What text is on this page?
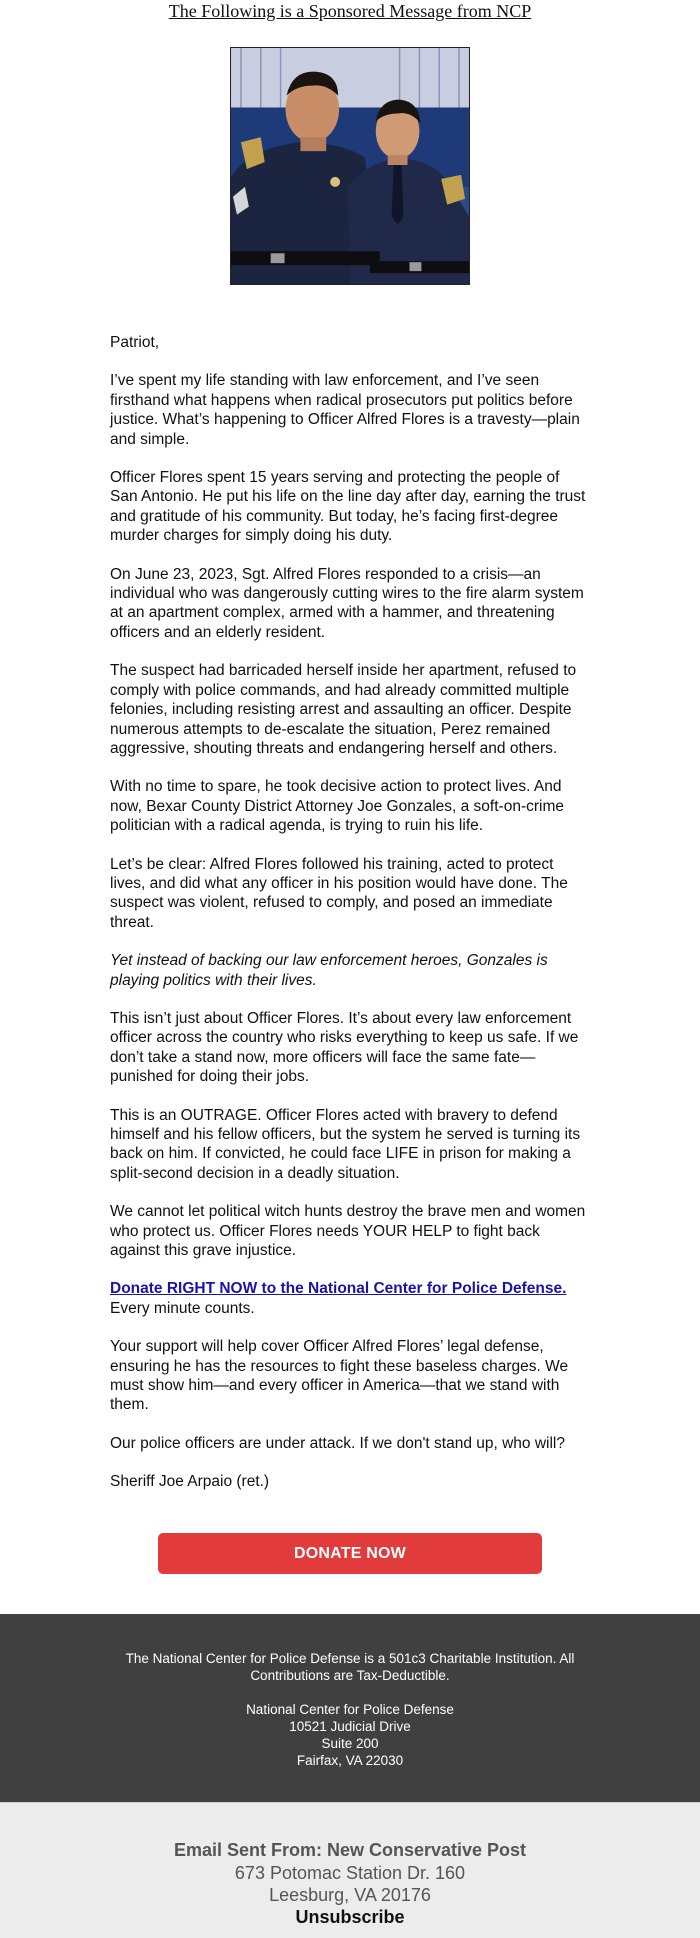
The Following is a Sponsored Message from NCP

Patriot,

I’ve spent my life standing with law enforcement, and I’ve seen firsthand what happens when radical prosecutors put politics before justice. What’s happening to Officer Alfred Flores is a travesty—plain and simple.

Officer Flores spent 15 years serving and protecting the people of San Antonio. He put his life on the line day after day, earning the trust and gratitude of his community. But today, he’s facing first-degree murder charges for simply doing his duty.

On June 23, 2023, Sgt. Alfred Flores responded to a crisis—an individual who was dangerously cutting wires to the fire alarm system at an apartment complex, armed with a hammer, and threatening officers and an elderly resident.

The suspect had barricaded herself inside her apartment, refused to comply with police commands, and had already committed multiple felonies, including resisting arrest and assaulting an officer. Despite numerous attempts to de-escalate the situation, Perez remained aggressive, shouting threats and endangering herself and others.

With no time to spare, he took decisive action to protect lives. And now, Bexar County District Attorney Joe Gonzales, a soft-on-crime politician with a radical agenda, is trying to ruin his life.

Let’s be clear: Alfred Flores followed his training, acted to protect lives, and did what any officer in his position would have done. The suspect was violent, refused to comply, and posed an immediate threat.

Yet instead of backing our law enforcement heroes, Gonzales is playing politics with their lives.

This isn’t just about Officer Flores. It’s about every law enforcement officer across the country who risks everything to keep us safe. If we don’t take a stand now, more officers will face the same fate—punished for doing their jobs.

This is an OUTRAGE. Officer Flores acted with bravery to defend himself and his fellow officers, but the system he served is turning its back on him. If convicted, he could face LIFE in prison for making a split-second decision in a deadly situation.

We cannot let political witch hunts destroy the brave men and women who protect us. Officer Flores needs YOUR HELP to fight back against this grave injustice.

Donate RIGHT NOW to the National Center for Police Defense.
Every minute counts.

Your support will help cover Officer Alfred Flores’ legal defense, ensuring he has the resources to fight these baseless charges. We must show him—and every officer in America—that we stand with them.

Our police officers are under attack. If we don't stand up, who will?

Sheriff Joe Arpaio (ret.)

DONATE NOW
The National Center for Police Defense is a 501c3 Charitable Institution. All Contributions are Tax-Deductible.
National Center for Police Defense
10521 Judicial Drive
Suite 200
Fairfax, VA 22030
Email Sent From: New Conservative Post
673 Potomac Station Dr. 160
Leesburg, VA 20176
Unsubscribe
